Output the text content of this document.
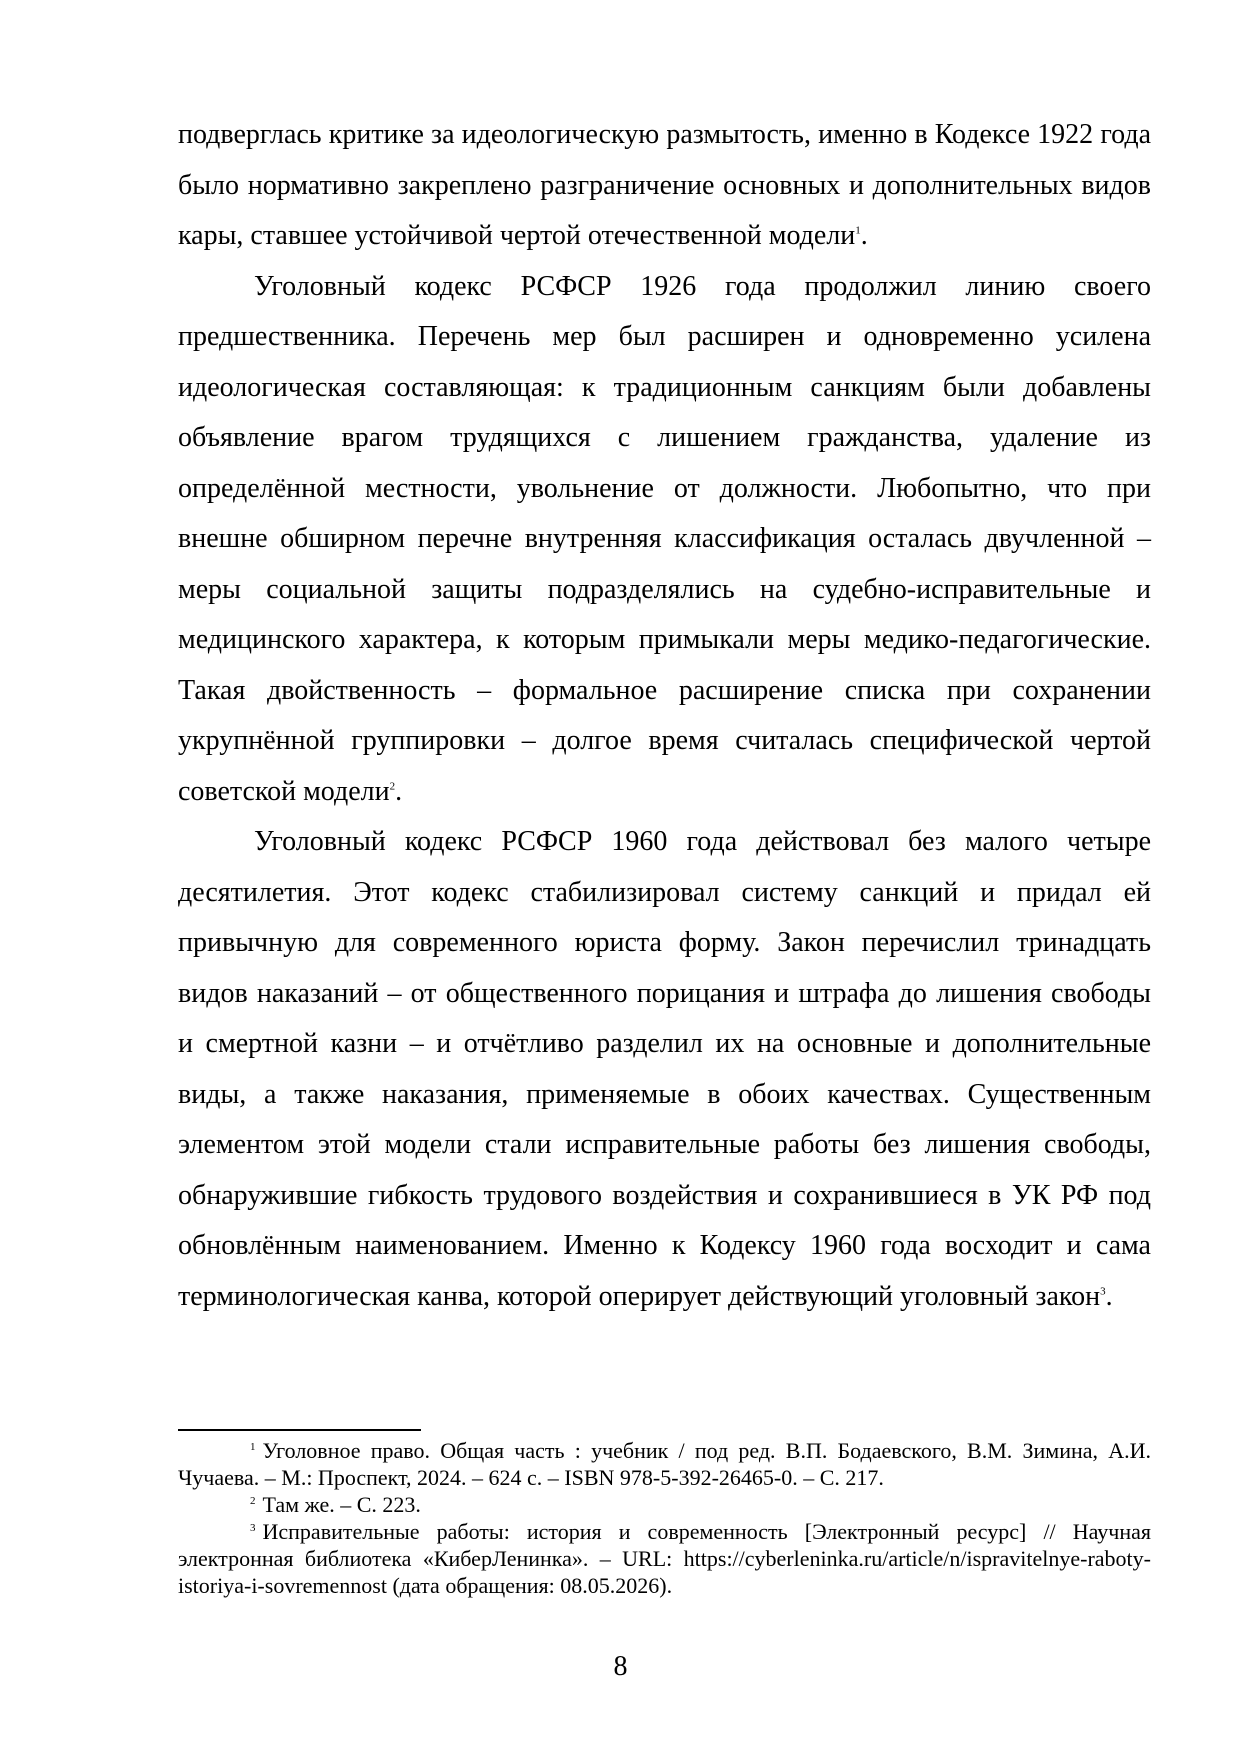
подверглась критике за идеологическую размытость, именно в Кодексе 1922 года было нормативно закреплено разграничение основных и дополнительных видов кары, ставшее устойчивой чертой отечественной модели$^1$.

Уголовный кодекс РСФСР 1926 года продолжил линию своего предшественника. Перечень мер был расширен и одновременно усилена идеологическая составляющая: к традиционным санкциям были добавлены объявление врагом трудящихся с лишением гражданства, удаление из определённой местности, увольнение от должности. Любопытно, что при внешне обширном перечне внутренняя классификация осталась двучленной – меры социальной защиты подразделялись на судебно-исправительные и медицинского характера, к которым примыкали меры медико-педагогические. Такая двойственность – формальное расширение списка при сохранении укрупнённой группировки – долгое время считалась специфической чертой советской модели$^2$.

Уголовный кодекс РСФСР 1960 года действовал без малого четыре десятилетия. Этот кодекс стабилизировал систему санкций и придал ей привычную для современного юриста форму. Закон перечислил тринадцать видов наказаний – от общественного порицания и штрафа до лишения свободы и смертной казни – и отчётливо разделил их на основные и дополнительные виды, а также наказания, применяемые в обоих качествах. Существенным элементом этой модели стали исправительные работы без лишения свободы, обнаружившие гибкость трудового воздействия и сохранившиеся в УК РФ под обновлённым наименованием. Именно к Кодексу 1960 года восходит и сама терминологическая канва, которой оперирует действующий уголовный закон$^3$.

$^1$ Уголовное право. Общая часть : учебник / под ред. В.П. Бодаевского, В.М. Зимина, А.И. Чучаева. – М.: Проспект, 2024. – 624 с. – ISBN 978-5-392-26465-0. – С. 217.

$^2$ Там же. – С. 223.

$^3$ Исправительные работы: история и современность [Электронный ресурс] // Научная электронная библиотека «КиберЛенинка». – URL: https://cyberleninka.ru/article/n/ispravitelnye-raboty-istoriya-i-sovremennost (дата обращения: 08.05.2026).

8
